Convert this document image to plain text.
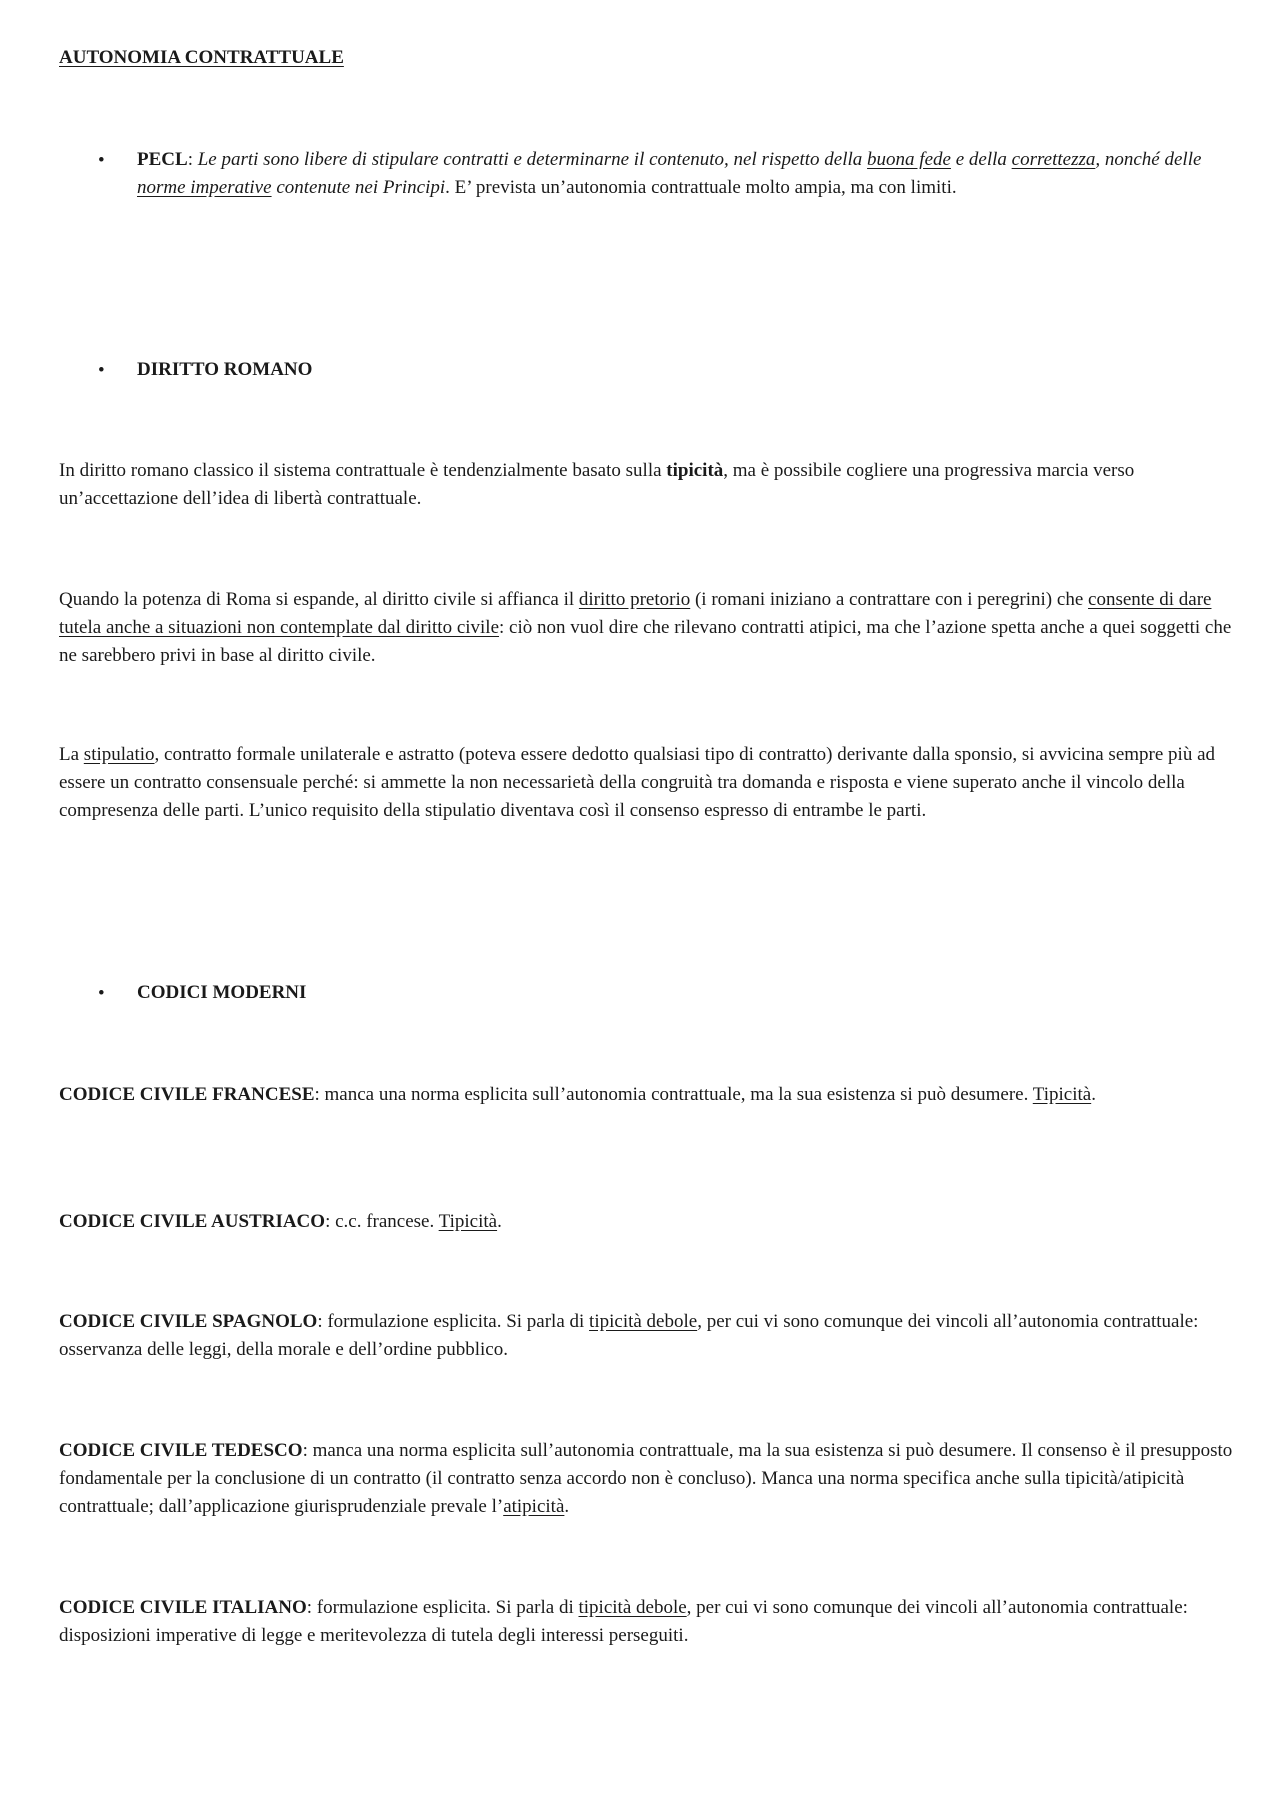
AUTONOMIA CONTRATTUALE

•	PECL: Le parti sono libere di stipulare contratti e determinarne il contenuto, nel rispetto della buona fede e della correttezza, nonché delle norme imperative contenute nei Principi. E’ prevista un’autonomia contrattuale molto ampia, ma con limiti.

•	DIRITTO ROMANO

In diritto romano classico il sistema contrattuale è tendenzialmente basato sulla tipicità, ma è possibile cogliere una progressiva marcia verso un’accettazione dell’idea di libertà contrattuale.

Quando la potenza di Roma si espande, al diritto civile si affianca il diritto pretorio (i romani iniziano a contrattare con i peregrini) che consente di dare tutela anche a situazioni non contemplate dal diritto civile: ciò non vuol dire che rilevano contratti atipici, ma che l’azione spetta anche a quei soggetti che ne sarebbero privi in base al diritto civile.

La stipulatio, contratto formale unilaterale e astratto (poteva essere dedotto qualsiasi tipo di contratto) derivante dalla sponsio, si avvicina sempre più ad essere un contratto consensuale perché: si ammette la non necessarietà della congruità tra domanda e risposta e viene superato anche il vincolo della compresenza delle parti. L’unico requisito della stipulatio diventava così il consenso espresso di entrambe le parti.

•	CODICI MODERNI

CODICE CIVILE FRANCESE: manca una norma esplicita sull’autonomia contrattuale, ma la sua esistenza si può desumere. Tipicità.

CODICE CIVILE AUSTRIACO: c.c. francese. Tipicità.

CODICE CIVILE SPAGNOLO: formulazione esplicita. Si parla di tipicità debole, per cui vi sono comunque dei vincoli all’autonomia contrattuale: osservanza delle leggi, della morale e dell’ordine pubblico.

CODICE CIVILE TEDESCO: manca una norma esplicita sull’autonomia contrattuale, ma la sua esistenza si può desumere. Il consenso è il presupposto fondamentale per la conclusione di un contratto (il contratto senza accordo non è concluso). Manca una norma specifica anche sulla tipicità/atipicità contrattuale; dall’applicazione giurisprudenziale prevale l’atipicità.

CODICE CIVILE ITALIANO: formulazione esplicita. Si parla di tipicità debole, per cui vi sono comunque dei vincoli all’autonomia contrattuale: disposizioni imperative di legge e meritevolezza di tutela degli interessi perseguiti.
